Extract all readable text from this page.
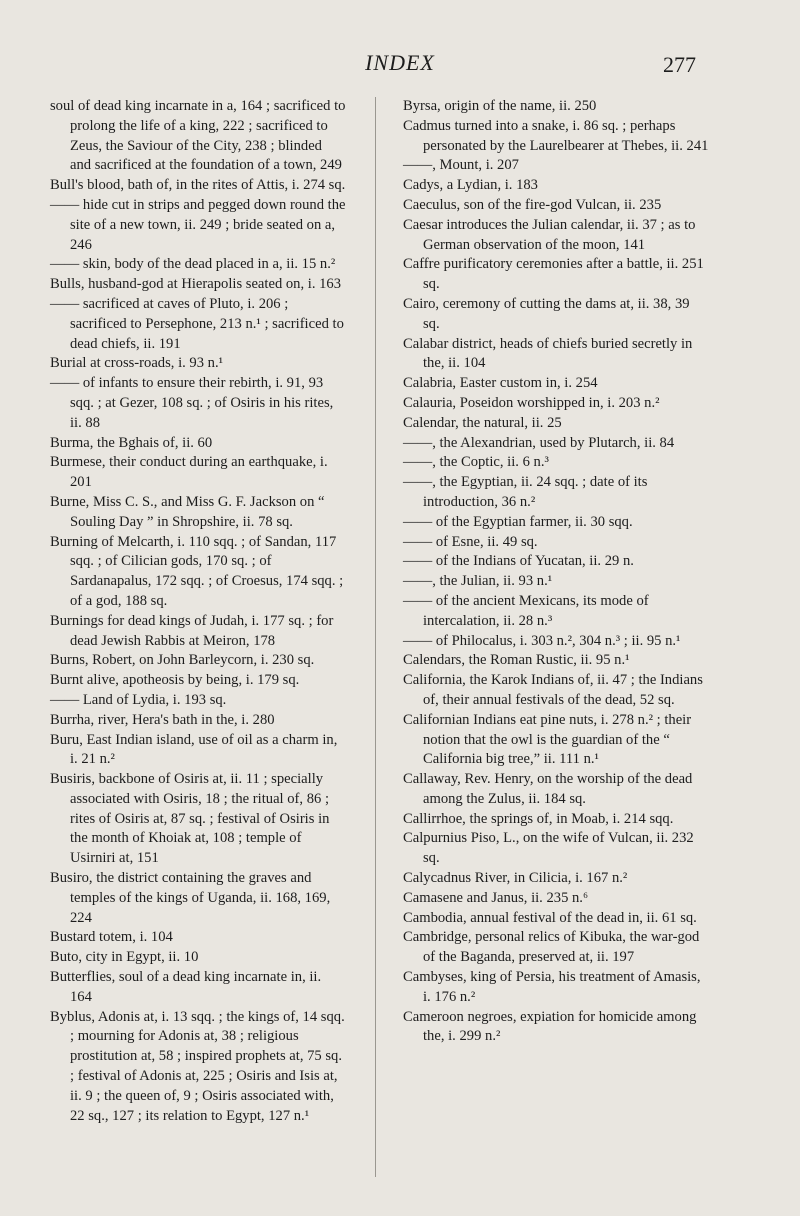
INDEX	277

soul of dead king incarnate in a, 164 ; sacrificed to prolong the life of a king, 222 ; sacrificed to Zeus, the Saviour of the City, 238 ; blinded and sacrificed at the foundation of a town, 249

Bull's blood, bath of, in the rites of Attis, i. 274 sq.

—— hide cut in strips and pegged down round the site of a new town, ii. 249 ; bride seated on a, 246

—— skin, body of the dead placed in a, ii. 15 n.²

Bulls, husband-god at Hierapolis seated on, i. 163

—— sacrificed at caves of Pluto, i. 206 ; sacrificed to Persephone, 213 n.¹ ; sacrificed to dead chiefs, ii. 191

Burial at cross-roads, i. 93 n.¹

—— of infants to ensure their rebirth, i. 91, 93 sqq. ; at Gezer, 108 sq. ; of Osiris in his rites, ii. 88

Burma, the Bghais of, ii. 60

Burmese, their conduct during an earthquake, i. 201

Burne, Miss C. S., and Miss G. F. Jackson on “ Souling Day ” in Shropshire, ii. 78 sq.

Burning of Melcarth, i. 110 sqq. ; of Sandan, 117 sqq. ; of Cilician gods, 170 sq. ; of Sardanapalus, 172 sqq. ; of Croesus, 174 sqq. ; of a god, 188 sq.

Burnings for dead kings of Judah, i. 177 sq. ; for dead Jewish Rabbis at Meiron, 178

Burns, Robert, on John Barleycorn, i. 230 sq.

Burnt alive, apotheosis by being, i. 179 sq.

—— Land of Lydia, i. 193 sq.

Burrha, river, Hera's bath in the, i. 280

Buru, East Indian island, use of oil as a charm in, i. 21 n.²

Busiris, backbone of Osiris at, ii. 11 ; specially associated with Osiris, 18 ; the ritual of, 86 ; rites of Osiris at, 87 sq. ; festival of Osiris in the month of Khoiak at, 108 ; temple of Usirniri at, 151

Busiro, the district containing the graves and temples of the kings of Uganda, ii. 168, 169, 224

Bustard totem, i. 104

Buto, city in Egypt, ii. 10

Butterflies, soul of a dead king incarnate in, ii. 164

Byblus, Adonis at, i. 13 sqq. ; the kings of, 14 sqq. ; mourning for Adonis at, 38 ; religious prostitution at, 58 ; inspired prophets at, 75 sq. ; festival of Adonis at, 225 ; Osiris and Isis at, ii. 9 ; the queen of, 9 ; Osiris associated with, 22 sq., 127 ; its relation to Egypt, 127 n.¹

Byrsa, origin of the name, ii. 250

Cadmus turned into a snake, i. 86 sq. ; perhaps personated by the Laurelbearer at Thebes, ii. 241

——, Mount, i. 207

Cadys, a Lydian, i. 183

Caeculus, son of the fire-god Vulcan, ii. 235

Caesar introduces the Julian calendar, ii. 37 ; as to German observation of the moon, 141

Caffre purificatory ceremonies after a battle, ii. 251 sq.

Cairo, ceremony of cutting the dams at, ii. 38, 39 sq.

Calabar district, heads of chiefs buried secretly in the, ii. 104

Calabria, Easter custom in, i. 254

Calauria, Poseidon worshipped in, i. 203 n.²

Calendar, the natural, ii. 25

——, the Alexandrian, used by Plutarch, ii. 84

——, the Coptic, ii. 6 n.³

——, the Egyptian, ii. 24 sqq. ; date of its introduction, 36 n.²

—— of the Egyptian farmer, ii. 30 sqq.

—— of Esne, ii. 49 sq.

—— of the Indians of Yucatan, ii. 29 n.

——, the Julian, ii. 93 n.¹

—— of the ancient Mexicans, its mode of intercalation, ii. 28 n.³

—— of Philocalus, i. 303 n.², 304 n.³ ; ii. 95 n.¹

Calendars, the Roman Rustic, ii. 95 n.¹

California, the Karok Indians of, ii. 47 ; the Indians of, their annual festivals of the dead, 52 sq.

Californian Indians eat pine nuts, i. 278 n.² ; their notion that the owl is the guardian of the “ California big tree,” ii. 111 n.¹

Callaway, Rev. Henry, on the worship of the dead among the Zulus, ii. 184 sq.

Callirrhoe, the springs of, in Moab, i. 214 sqq.

Calpurnius Piso, L., on the wife of Vulcan, ii. 232 sq.

Calycadnus River, in Cilicia, i. 167 n.²

Camasene and Janus, ii. 235 n.⁶

Cambodia, annual festival of the dead in, ii. 61 sq.

Cambridge, personal relics of Kibuka, the war-god of the Baganda, preserved at, ii. 197

Cambyses, king of Persia, his treatment of Amasis, i. 176 n.²

Cameroon negroes, expiation for homicide among the, i. 299 n.²
